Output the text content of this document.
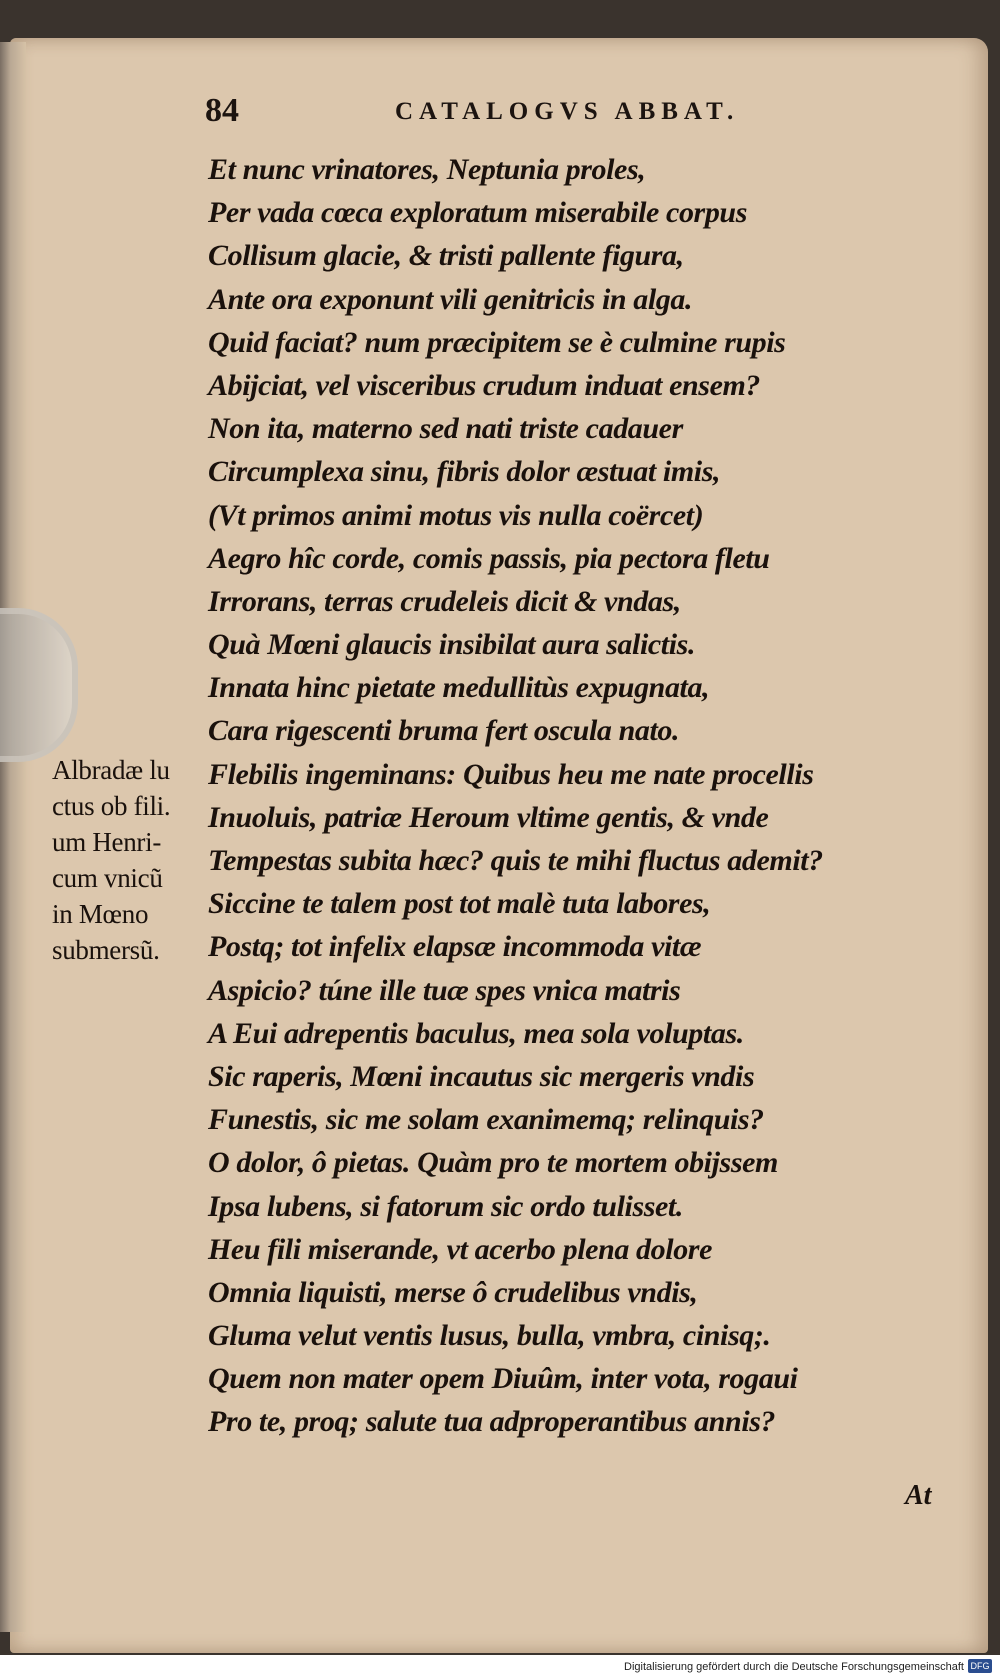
84	CATALOGVS ABBAT.
Et nunc vrinatores, Neptunia proles,
Per vada cœca exploratum miserabile corpus
Collisum glacie, & tristi pallente figura,
Ante ora exponunt vili genitricis in alga.
Quid faciat? num præcipitem se è culmine rupis
Abijciat, vel visceribus crudum induat ensem?
Non ita, materno sed nati triste cadauer
Circumplexa sinu, fibris dolor æstuat imis,
(Vt primos animi motus vis nulla coërcet)
Aegro hîc corde, comis passis, pia pectora fletu
Irrorans, terras crudeleis dicit & vndas,
Quà Mœni glaucis insibilat aura salictis.
Innata hinc pietate medullitùs expugnata,
Cara rigescenti bruma fert oscula nato.
Flebilis ingeminans: Quibus heu me nate procellis
Inuoluis, patriæ Heroum vltime gentis, & vnde
Tempestas subita hæc? quis te mihi fluctus ademit?
Siccine te talem post tot malè tuta labores,
Postq; tot infelix elapsæ incommoda vitæ
Aspicio? túne ille tuæ spes vnica matris
A Eui adrepentis baculus, mea sola voluptas.
Sic raperis, Mœni incautus sic mergeris vndis
Funestis, sic me solam exanimemq; relinquis?
O dolor, ô pietas. Quàm pro te mortem obijssem
Ipsa lubens, si fatorum sic ordo tulisset.
Heu fili miserande, vt acerbo plena dolore
Omnia liquisti, merse ô crudelibus vndis,
Gluma velut ventis lusus, bulla, vmbra, cinisq;.
Quem non mater opem Diuûm, inter vota, rogaui
Pro te, proq; salute tua adproperantibus annis?
Albradæ lu
ctus ob fili.
um Henri-
cum vnicũ
in Mœno
submersũ.
At
Digitalisierung gefördert durch die Deutsche Forschungsgemeinschaft DFG
